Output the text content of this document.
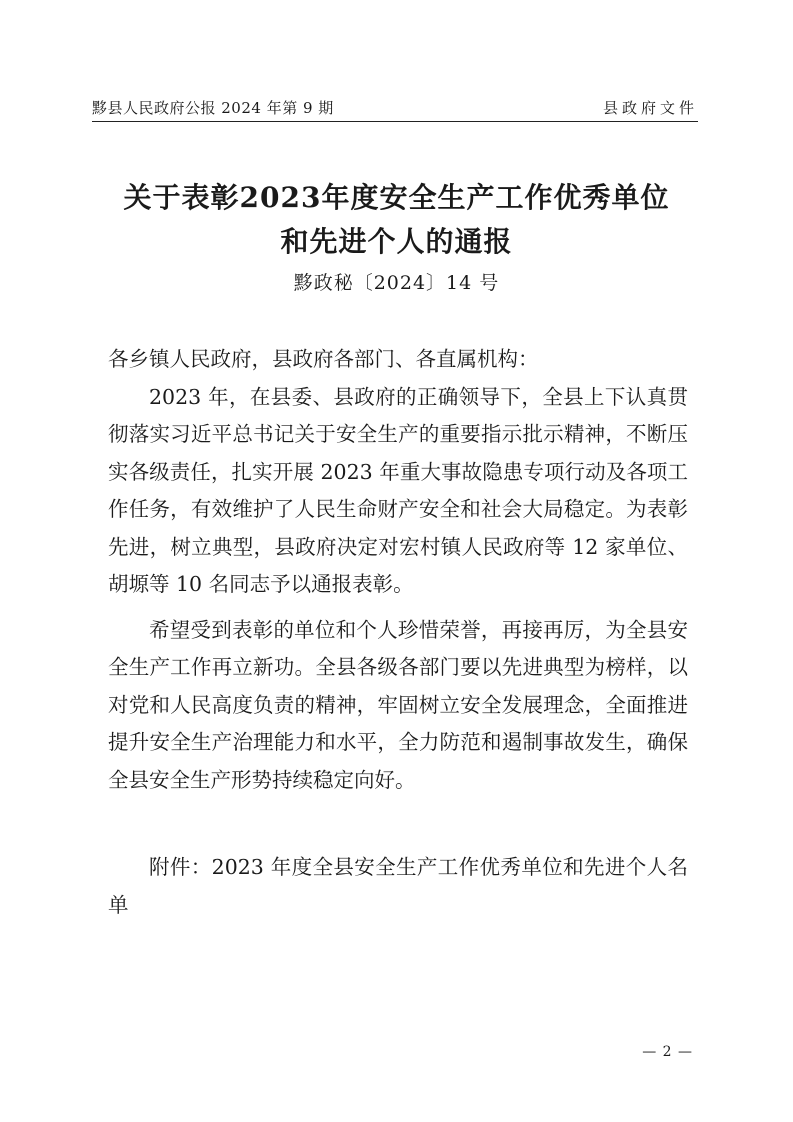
黟县人民政府公报 2024 年第 9 期	县政府文件
关于表彰2023年度安全生产工作优秀单位
和先进个人的通报
黟政秘〔2024〕14 号

各乡镇人民政府，县政府各部门、各直属机构：

2023 年，在县委、县政府的正确领导下，全县上下认真贯彻落实习近平总书记关于安全生产的重要指示批示精神，不断压实各级责任，扎实开展 2023 年重大事故隐患专项行动及各项工作任务，有效维护了人民生命财产安全和社会大局稳定。为表彰先进，树立典型，县政府决定对宏村镇人民政府等 12 家单位、胡塬等 10 名同志予以通报表彰。

希望受到表彰的单位和个人珍惜荣誉，再接再厉，为全县安全生产工作再立新功。全县各级各部门要以先进典型为榜样，以对党和人民高度负责的精神，牢固树立安全发展理念，全面推进提升安全生产治理能力和水平，全力防范和遏制事故发生，确保全县安全生产形势持续稳定向好。

附件：2023 年度全县安全生产工作优秀单位和先进个人名单

— 2 —
